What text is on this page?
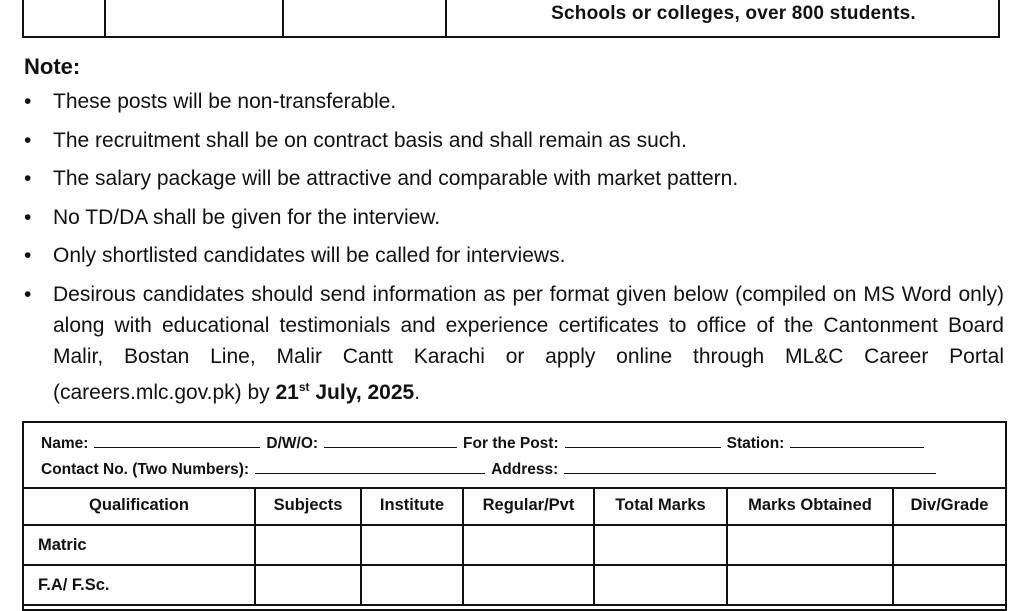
Schools or colleges, over 800 students.
Note:
• These posts will be non-transferable.
• The recruitment shall be on contract basis and shall remain as such.
• The salary package will be attractive and comparable with market pattern.
• No TD/DA shall be given for the interview.
• Only shortlisted candidates will be called for interviews.
• Desirous candidates should send information as per format given below (compiled on MS Word only) along with educational testimonials and experience certificates to office of the Cantonment Board Malir, Bostan Line, Malir Cantt Karachi or apply online through ML&C Career Portal (careers.mlc.gov.pk) by 21st July, 2025.
Name:	D/W/O:	For the Post:	Station:
Contact No. (Two Numbers):	Address:
Qualification	Subjects	Institute	Regular/Pvt	Total Marks	Marks Obtained	Div/Grade
Matric						
F.A/ F.Sc.						
